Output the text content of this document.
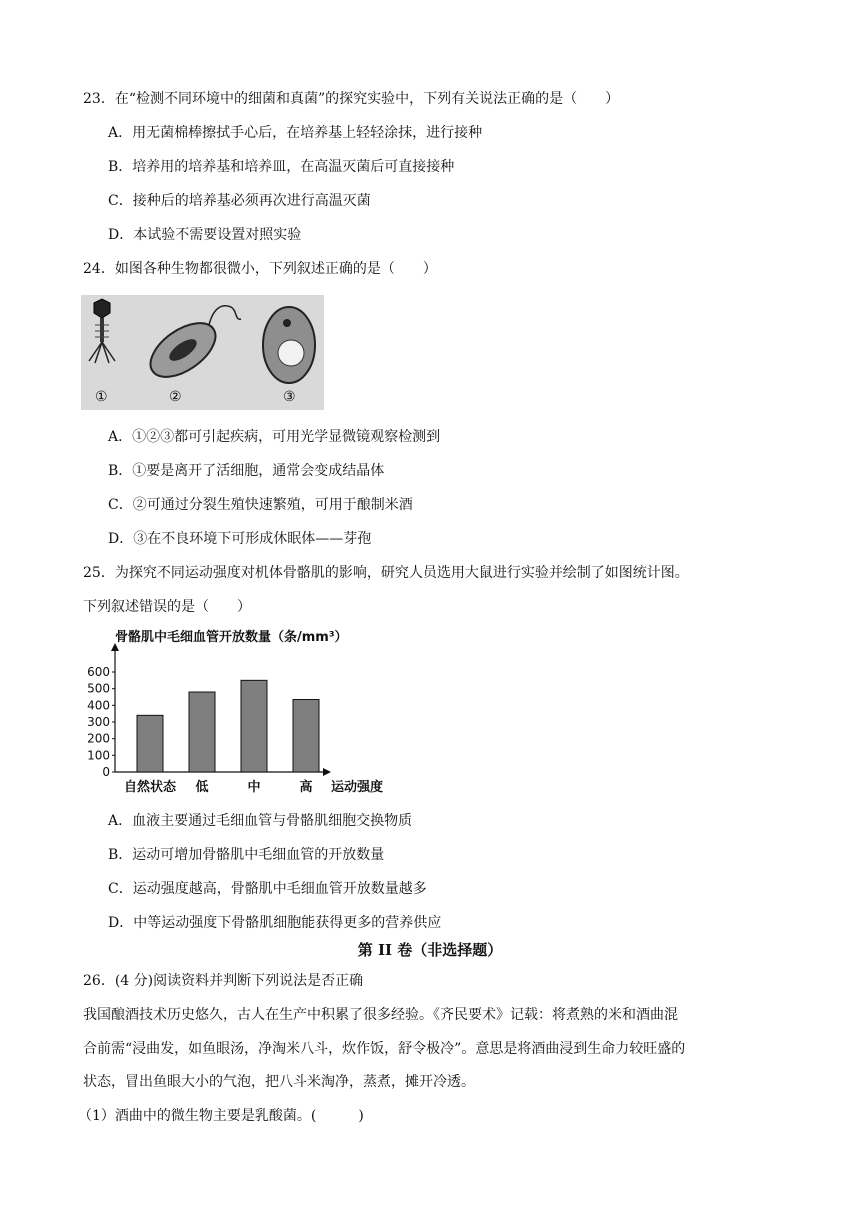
23．在“检测不同环境中的细菌和真菌”的探究实验中，下列有关说法正确的是（　　）
A．用无菌棉棒擦拭手心后，在培养基上轻轻涂抹，进行接种
B．培养用的培养基和培养皿，在高温灭菌后可直接接种
C．接种后的培养基必须再次进行高温灭菌
D．本试验不需要设置对照实验
24．如图各种生物都很微小，下列叙述正确的是（　　）
①	②	③
A．①②③都可引起疾病，可用光学显微镜观察检测到
B．①要是离开了活细胞，通常会变成结晶体
C．②可通过分裂生殖快速繁殖，可用于酿制米酒
D．③在不良环境下可形成休眠体——芽孢
25．为探究不同运动强度对机体骨骼肌的影响，研究人员选用大鼠进行实验并绘制了如图统计图。
下列叙述错误的是（　　）
骨骼肌中毛细血管开放数量（条/mm³）
运动强度
0
100
200
300
400
500
600
自然状态 低	中	高
A．血液主要通过毛细血管与骨骼肌细胞交换物质
B．运动可增加骨骼肌中毛细血管的开放数量
C．运动强度越高，骨骼肌中毛细血管开放数量越多
D．中等运动强度下骨骼肌细胞能获得更多的营养供应
第 II 卷（非选择题）
26．(4 分)阅读资料并判断下列说法是否正确
我国酿酒技术历史悠久，古人在生产中积累了很多经验。《齐民要术》记载：将煮熟的米和酒曲混
合前需“浸曲发，如鱼眼汤，净淘米八斗，炊作饭，舒令极冷”。意思是将酒曲浸到生命力较旺盛的
状态，冒出鱼眼大小的气泡，把八斗米淘净，蒸煮，摊开冷透。
（1）酒曲中的微生物主要是乳酸菌。(　　　)
